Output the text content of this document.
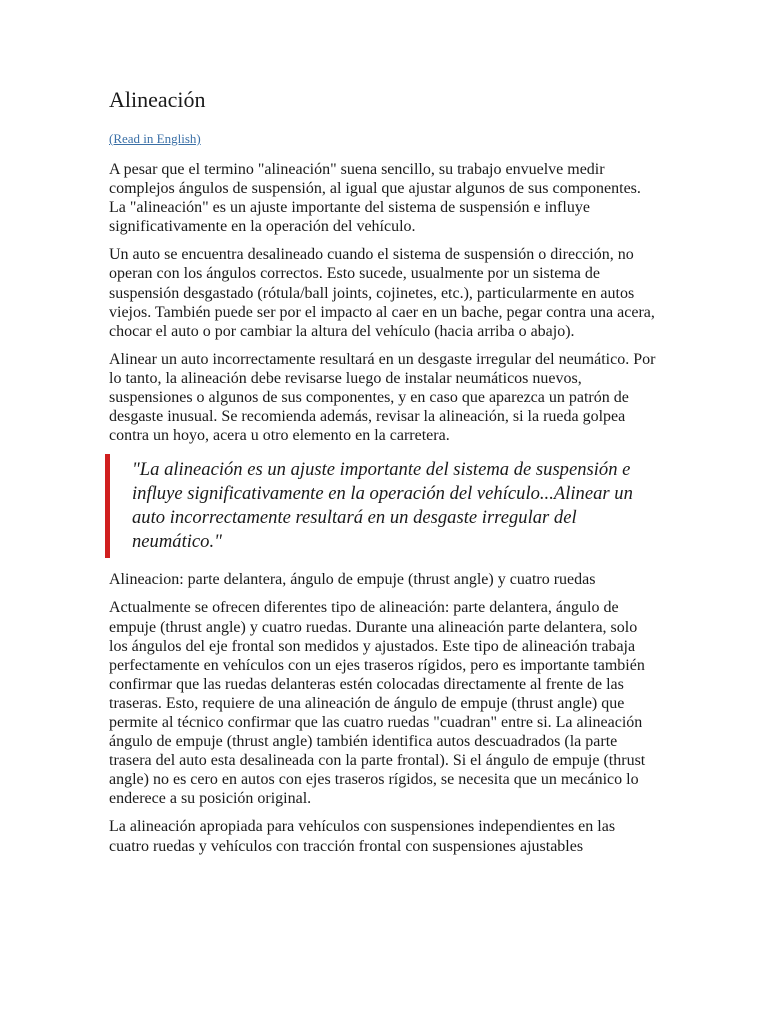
Alineación
(Read in English)

A pesar que el termino "alineación" suena sencillo, su trabajo envuelve medir complejos ángulos de suspensión, al igual que ajustar algunos de sus componentes. La "alineación" es un ajuste importante del sistema de suspensión e influye significativamente en la operación del vehículo.

Un auto se encuentra desalineado cuando el sistema de suspensión o dirección, no operan con los ángulos correctos. Esto sucede, usualmente por un sistema de suspensión desgastado (rótula/ball joints, cojinetes, etc.), particularmente en autos viejos. También puede ser por el impacto al caer en un bache, pegar contra una acera, chocar el auto o por cambiar la altura del vehículo (hacia arriba o abajo).

Alinear un auto incorrectamente resultará en un desgaste irregular del neumático. Por lo tanto, la alineación debe revisarse luego de instalar neumáticos nuevos, suspensiones o algunos de sus componentes, y en caso que aparezca un patrón de desgaste inusual. Se recomienda además, revisar la alineación, si la rueda golpea contra un hoyo, acera u otro elemento en la carretera.

"La alineación es un ajuste importante del sistema de suspensión e influye significativamente en la operación del vehículo...Alinear un auto incorrectamente resultará en un desgaste irregular del neumático."

Alineacion: parte delantera, ángulo de empuje (thrust angle) y cuatro ruedas

Actualmente se ofrecen diferentes tipo de alineación: parte delantera, ángulo de empuje (thrust angle) y cuatro ruedas. Durante una alineación parte delantera, solo los ángulos del eje frontal son medidos y ajustados. Este tipo de alineación trabaja perfectamente en vehículos con un ejes traseros rígidos, pero es importante también confirmar que las ruedas delanteras estén colocadas directamente al frente de las traseras. Esto, requiere de una alineación de ángulo de empuje (thrust angle) que permite al técnico confirmar que las cuatro ruedas "cuadran" entre si. La alineación ángulo de empuje (thrust angle) también identifica autos descuadrados (la parte trasera del auto esta desalineada con la parte frontal). Si el ángulo de empuje (thrust angle) no es cero en autos con ejes traseros rígidos, se necesita que un mecánico lo enderece a su posición original.

La alineación apropiada para vehículos con suspensiones independientes en las cuatro ruedas y vehículos con tracción frontal con suspensiones ajustables
